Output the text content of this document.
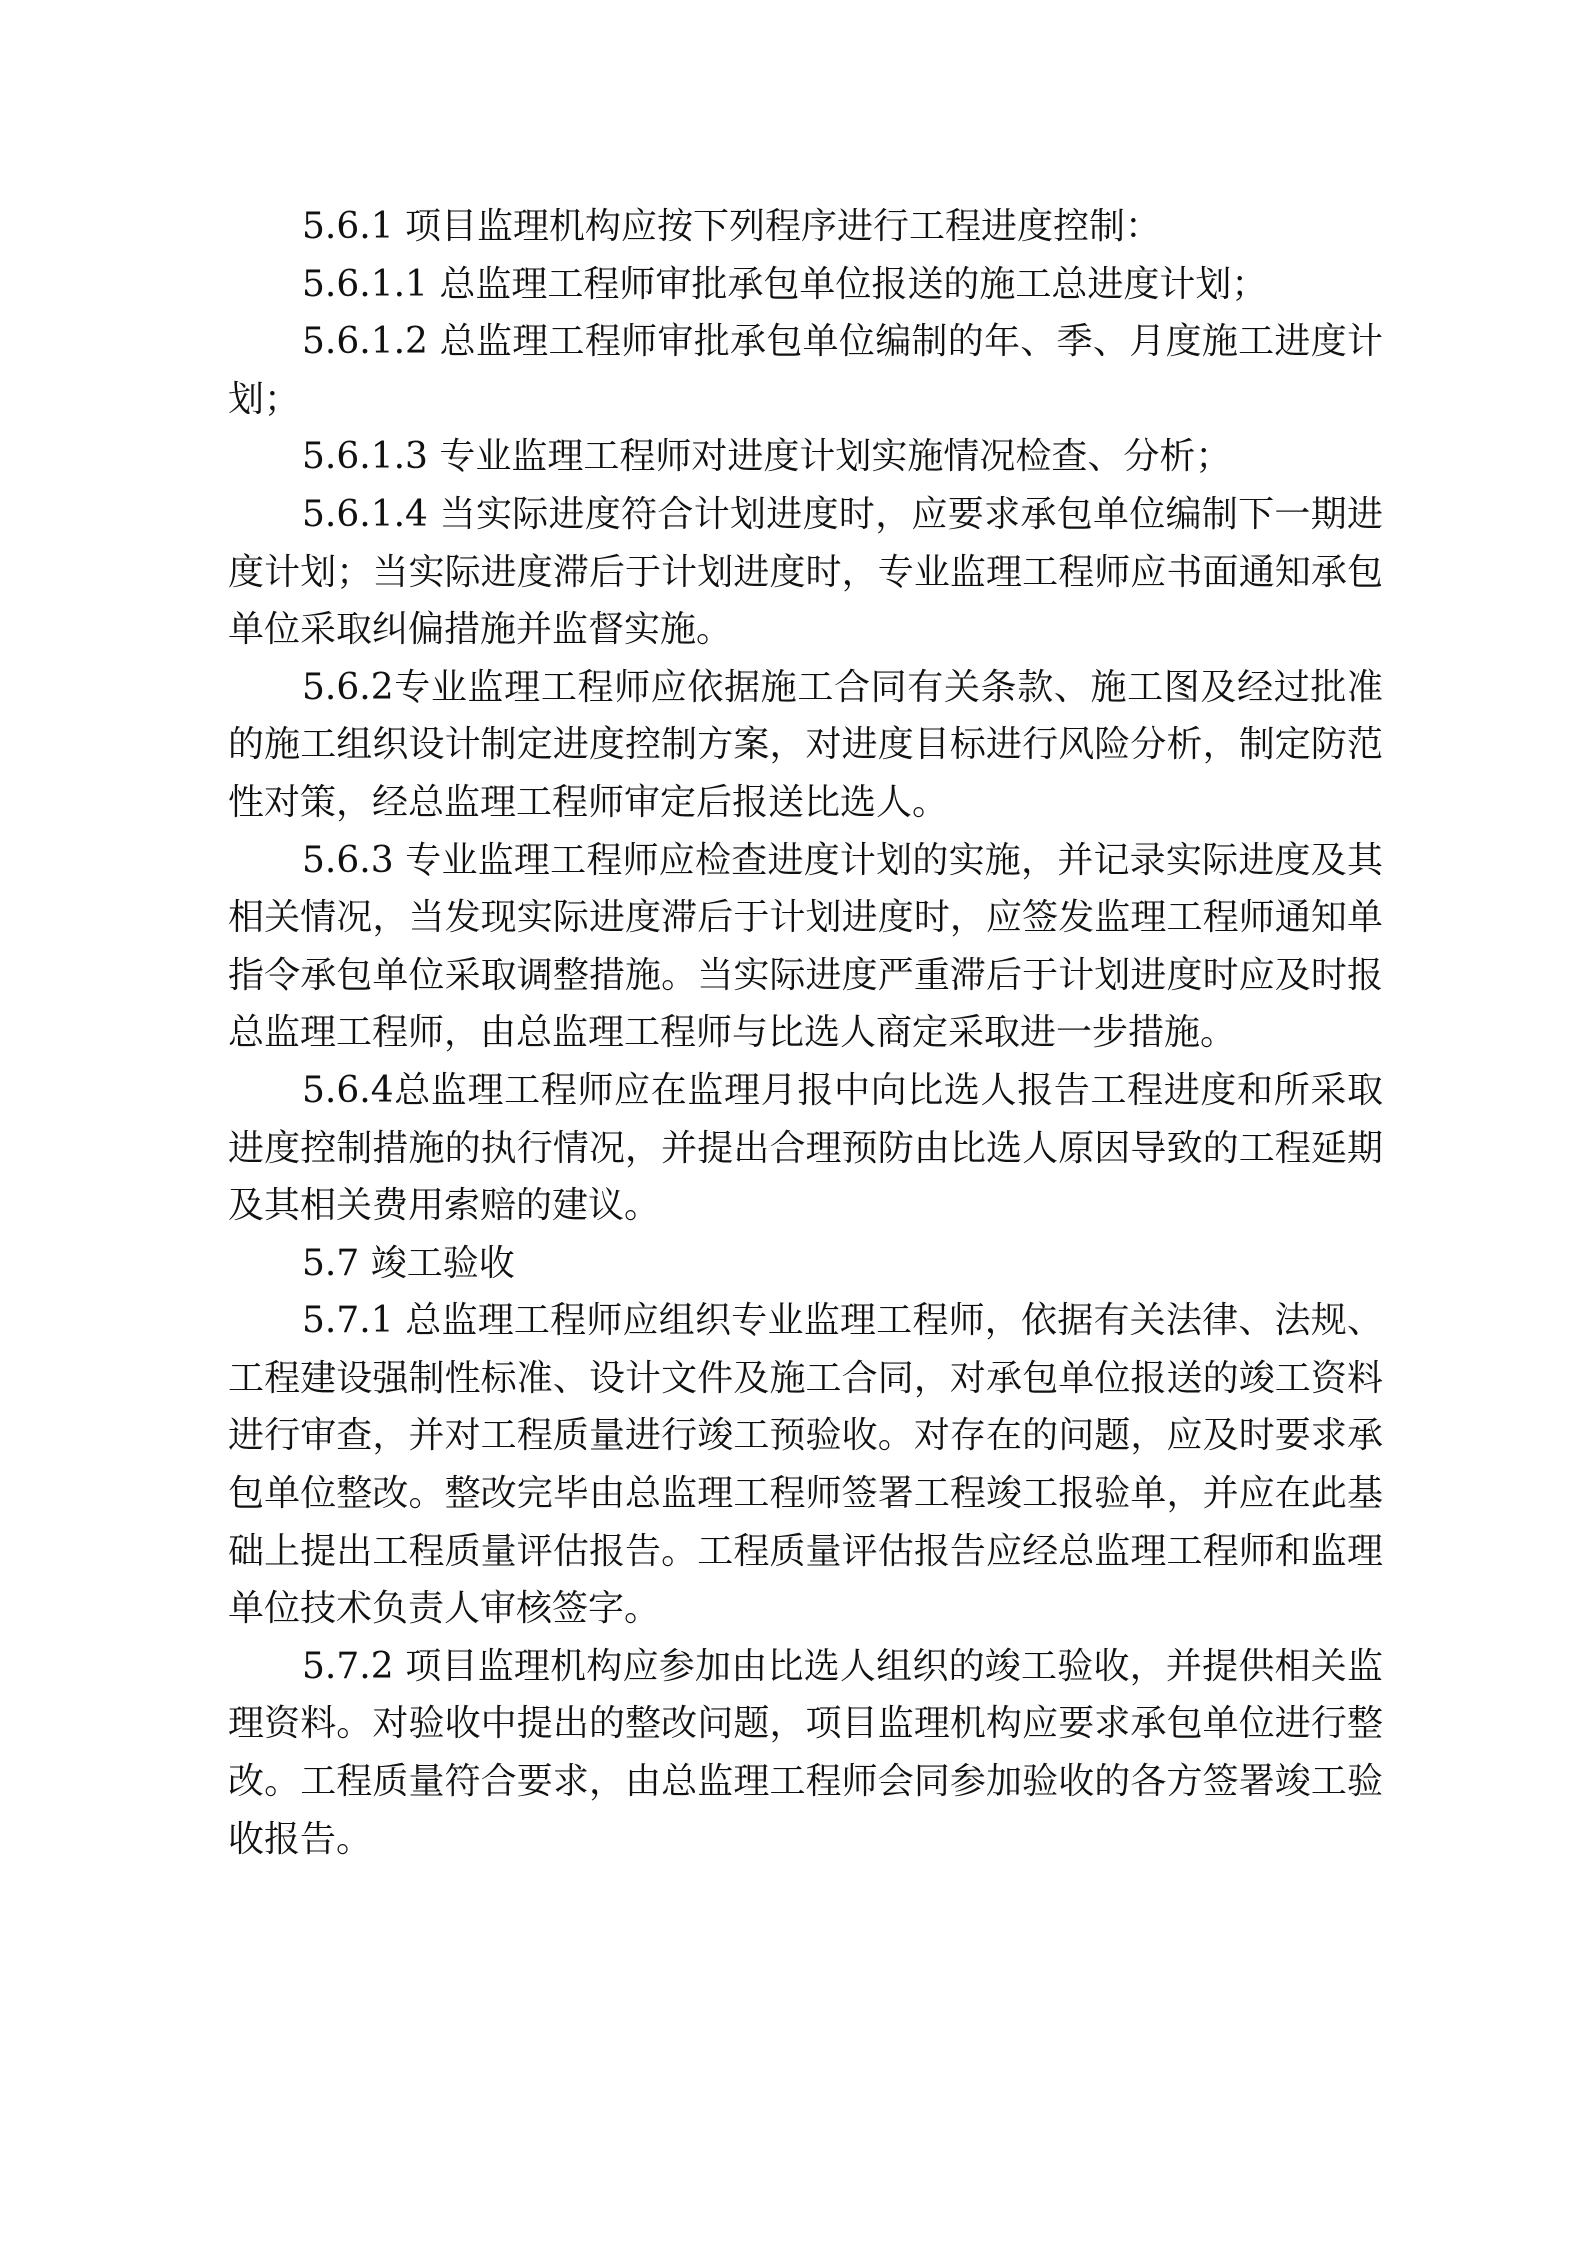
5.6.1 项目监理机构应按下列程序进行工程进度控制：

5.6.1.1 总监理工程师审批承包单位报送的施工总进度计划；

5.6.1.2 总监理工程师审批承包单位编制的年、季、月度施工进度计划；

5.6.1.3 专业监理工程师对进度计划实施情况检查、分析；

5.6.1.4 当实际进度符合计划进度时，应要求承包单位编制下一期进度计划；当实际进度滞后于计划进度时，专业监理工程师应书面通知承包单位采取纠偏措施并监督实施。

5.6.2专业监理工程师应依据施工合同有关条款、施工图及经过批准的施工组织设计制定进度控制方案，对进度目标进行风险分析，制定防范性对策，经总监理工程师审定后报送比选人。

5.6.3 专业监理工程师应检查进度计划的实施，并记录实际进度及其相关情况，当发现实际进度滞后于计划进度时，应签发监理工程师通知单指令承包单位采取调整措施。当实际进度严重滞后于计划进度时应及时报总监理工程师，由总监理工程师与比选人商定采取进一步措施。

5.6.4总监理工程师应在监理月报中向比选人报告工程进度和所采取进度控制措施的执行情况，并提出合理预防由比选人原因导致的工程延期及其相关费用索赔的建议。

5.7 竣工验收

5.7.1 总监理工程师应组织专业监理工程师，依据有关法律、法规、工程建设强制性标准、设计文件及施工合同，对承包单位报送的竣工资料进行审查，并对工程质量进行竣工预验收。对存在的问题，应及时要求承包单位整改。整改完毕由总监理工程师签署工程竣工报验单，并应在此基础上提出工程质量评估报告。工程质量评估报告应经总监理工程师和监理单位技术负责人审核签字。

5.7.2 项目监理机构应参加由比选人组织的竣工验收，并提供相关监理资料。对验收中提出的整改问题，项目监理机构应要求承包单位进行整改。工程质量符合要求，由总监理工程师会同参加验收的各方签署竣工验收报告。
